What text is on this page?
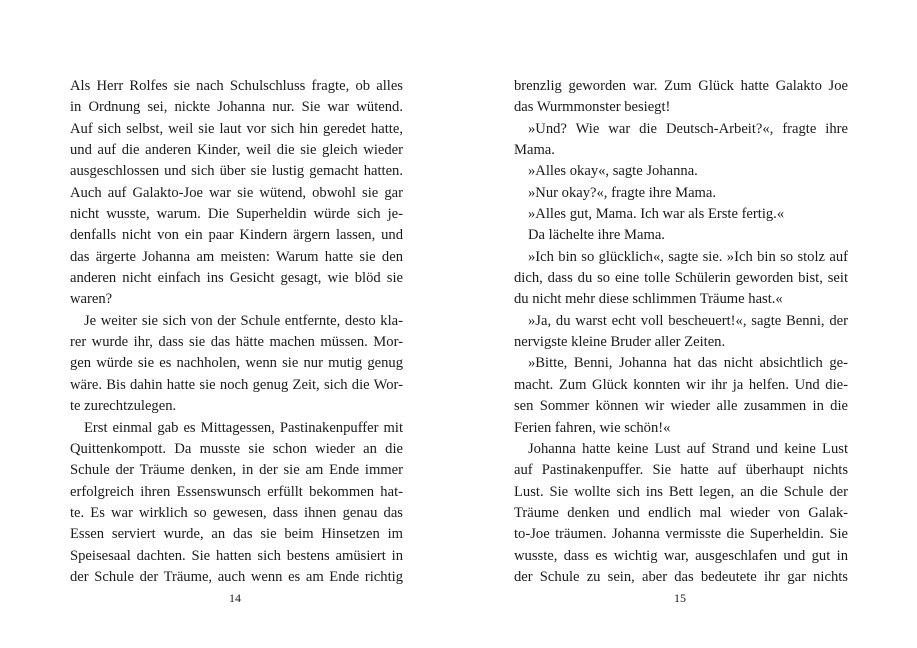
Als Herr Rolfes sie nach Schulschluss fragte, ob alles
in Ordnung sei, nickte Johanna nur. Sie war wütend.
Auf sich selbst, weil sie laut vor sich hin geredet hatte,
und auf die anderen Kinder, weil die sie gleich wieder
ausgeschlossen und sich über sie lustig gemacht hatten.
Auch auf Galakto-Joe war sie wütend, obwohl sie gar
nicht wusste, warum. Die Superheldin würde sich je-
denfalls nicht von ein paar Kindern ärgern lassen, und
das ärgerte Johanna am meisten: Warum hatte sie den
anderen nicht einfach ins Gesicht gesagt, wie blöd sie
waren?
Je weiter sie sich von der Schule entfernte, desto kla-
rer wurde ihr, dass sie das hätte machen müssen. Mor-
gen würde sie es nachholen, wenn sie nur mutig genug
wäre. Bis dahin hatte sie noch genug Zeit, sich die Wor-
te zurechtzulegen.
Erst einmal gab es Mittagessen, Pastinakenpuffer mit
Quittenkompott. Da musste sie schon wieder an die
Schule der Träume denken, in der sie am Ende immer
erfolgreich ihren Essenswunsch erfüllt bekommen hat-
te. Es war wirklich so gewesen, dass ihnen genau das
Essen serviert wurde, an das sie beim Hinsetzen im
Speisesaal dachten. Sie hatten sich bestens amüsiert in
der Schule der Träume, auch wenn es am Ende richtig
14
brenzlig geworden war. Zum Glück hatte Galakto Joe
das Wurmmonster besiegt!
»Und? Wie war die Deutsch-Arbeit?«, fragte ihre
Mama.
»Alles okay«, sagte Johanna.
»Nur okay?«, fragte ihre Mama.
»Alles gut, Mama. Ich war als Erste fertig.«
Da lächelte ihre Mama.
»Ich bin so glücklich«, sagte sie. »Ich bin so stolz auf
dich, dass du so eine tolle Schülerin geworden bist, seit
du nicht mehr diese schlimmen Träume hast.«
»Ja, du warst echt voll bescheuert!«, sagte Benni, der
nervigste kleine Bruder aller Zeiten.
»Bitte, Benni, Johanna hat das nicht absichtlich ge-
macht. Zum Glück konnten wir ihr ja helfen. Und die-
sen Sommer können wir wieder alle zusammen in die
Ferien fahren, wie schön!«
Johanna hatte keine Lust auf Strand und keine Lust
auf Pastinakenpuffer. Sie hatte auf überhaupt nichts
Lust. Sie wollte sich ins Bett legen, an die Schule der
Träume denken und endlich mal wieder von Galak-
to-Joe träumen. Johanna vermisste die Superheldin. Sie
wusste, dass es wichtig war, ausgeschlafen und gut in
der Schule zu sein, aber das bedeutete ihr gar nichts
15
